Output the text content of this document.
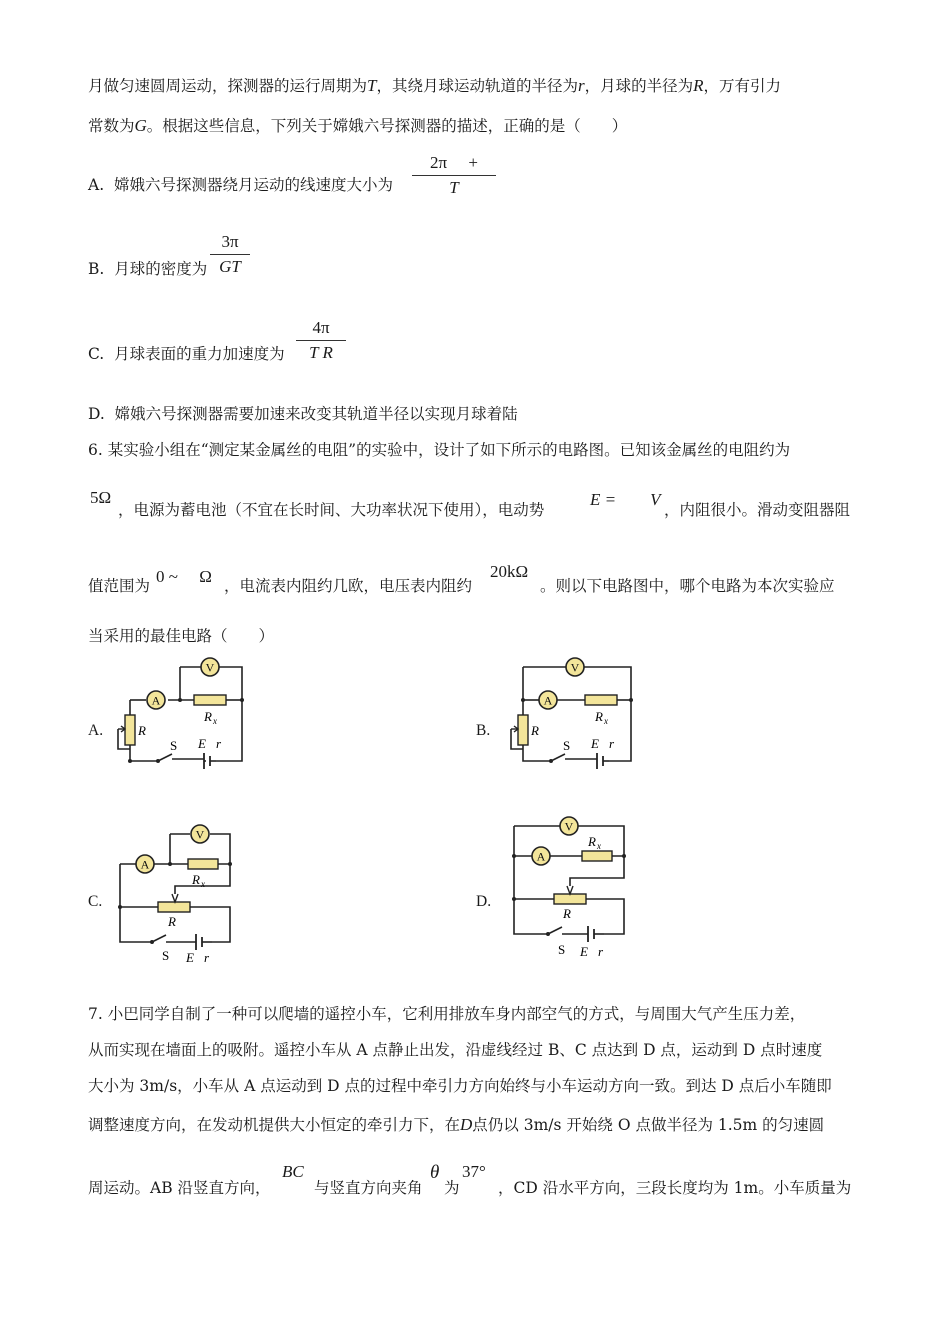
月做匀速圆周运动，探测器的运行周期为T，其绕月球运动轨道的半径为r，月球的半径为R，万有引力
常数为G。根据这些信息，下列关于嫦娥六号探测器的描述，正确的是（　　）
A. 嫦娥六号探测器绕月运动的线速度大小为 $\frac{2\pi +}{T}$
B. 月球的密度为 $\frac{3\pi}{GT}$
C. 月球表面的重力加速度为 $\frac{4\pi}{\text{T R}}$
D. 嫦娥六号探测器需要加速来改变其轨道半径以实现月球着陆
6. 某实验小组在“测定某金属丝的电阻”的实验中，设计了如下所示的电路图。已知该金属丝的电阻约为
5Ω
，电源为蓄电池（不宜在长时间、大功率状况下使用），电动势
E =　　V
，内阻很小。滑动变阻器阻
值范围为 0 ~　 Ω ，电流表内阻约几欧，电压表内阻约
20kΩ
。则以下电路图中，哪个电路为本次实验应
当采用的最佳电路（　　）
A.	B.
C.	D.
V
A
R x
R
S E r
V
A
R x
R
S E r
V
A
R x
R
S E r
V
A
R x
R
S E r
7. 小巴同学自制了一种可以爬墙的遥控小车，它利用排放车身内部空气的方式，与周围大气产生压力差，
从而实现在墙面上的吸附。遥控小车从 A 点静止出发，沿虚线经过 B、C 点达到 D 点，运动到 D 点时速度
大小为 3m/s，小车从 A 点运动到 D 点的过程中牵引力方向始终与小车运动方向一致。到达 D 点后小车随即
调整速度方向，在发动机提供大小恒定的牵引力下，在D点仍以 3m/s 开始绕 O 点做半径为 1.5m 的匀速圆
周运动。AB 沿竖直方向，
BC
与竖直方向夹角
θ
为
37°
，CD 沿水平方向，三段长度均为 1m。小车质量为
